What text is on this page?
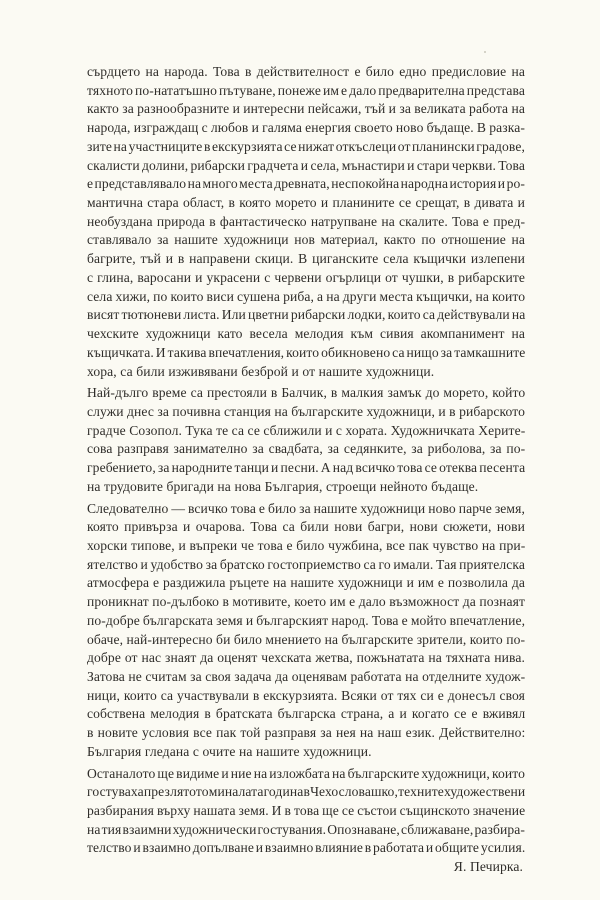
сърдцето на народа. Това в действителност е било едно предисловие на
тяхното по-нататъшно пътуване, понеже им е дало предварителна представа
както за разнообразните и интересни пейсажи, тъй и за великата работа на
народа, изграждащ с любов и галяма енергия своето ново бъдаще. В разка-
зите на участниците в екскурзията се нижат откъслеци от планински градове,
скалисти долини, рибарски градчета и села, мънастири и стари черкви. Това
е представлявало на много места древната, неспокойна народна история и ро-
мантична стара област, в която морето и планините се срещат, в дивата и
необуздана природа в фантастическо натрупване на скалите. Това е пред-
ставлявало за нашите художници нов материал, както по отношение на
багрите, тъй и в направени скици. В циганските села къщички излепени
с глина, варосани и украсени с червени огърлици от чушки, в рибарските
села хижи, по които виси сушена риба, а на други места къщички, на които
висят тютюневи листа. Или цветни рибарски лодки, които са действували на
чехските художници като весела мелодия към сивия акомпанимент на
къщичката. И такива впечатления, които обикновено са нищо за тамкашните
хора, са били изживявани безброй и от нашите художници.
Най-дълго време са престояли в Балчик, в малкия замък до морето, който
служи днес за почивна станция на българските художници, и в рибарското
градче Созопол. Тука те са се сближили и с хората. Художничката Херите-
сова разправя занимателно за свадбата, за седянките, за риболова, за по-
гребението, за народните танци и песни. А над всичко това се отеква песента
на трудовите бригади на нова България, строещи нейното бъдаще.
Следователно — всичко това е било за нашите художници ново парче земя,
която привърза и очарова. Това са били нови багри, нови сюжети, нови
хорски типове, и въпреки че това е било чужбина, все пак чувство на при-
ятелство и удобство за братско гостоприемство са го имали. Тая приятелска
атмосфера е раздижила ръцете на нашите художници и им е позволила да
проникнат по-дълбоко в мотивите, което им е дало възможност да познаят
по-добре българската земя и българският народ. Това е мойто впечатление,
обаче, най-интересно би било мнението на българските зрители, които по-
добре от нас знаят да оценят чехската жетва, пожънатата на тяхната нива.
Затова не считам за своя задача да оценявам работата на отделните худож-
ници, които са участвували в екскурзията. Всяки от тях си е донесъл своя
собствена мелодия в братската българска страна, а и когато се е вживял
в новите условия все пак той разправя за нея на наш език. Действително:
България гледана с очите на нашите художници.
Останалото ще видиме и ние на изложбата на българските художници, които
гостуваха през лятото миналата година в Чехословашко, техните художествени
разбирания върху нашата земя. И в това ще се състои същинското значение
на тия взаимни художнически гостувания. Опознаване, сближаване, разбира-
телство и взаимно допълване и взаимно влияние в работата и общите усилия.
Я. Печирка.
